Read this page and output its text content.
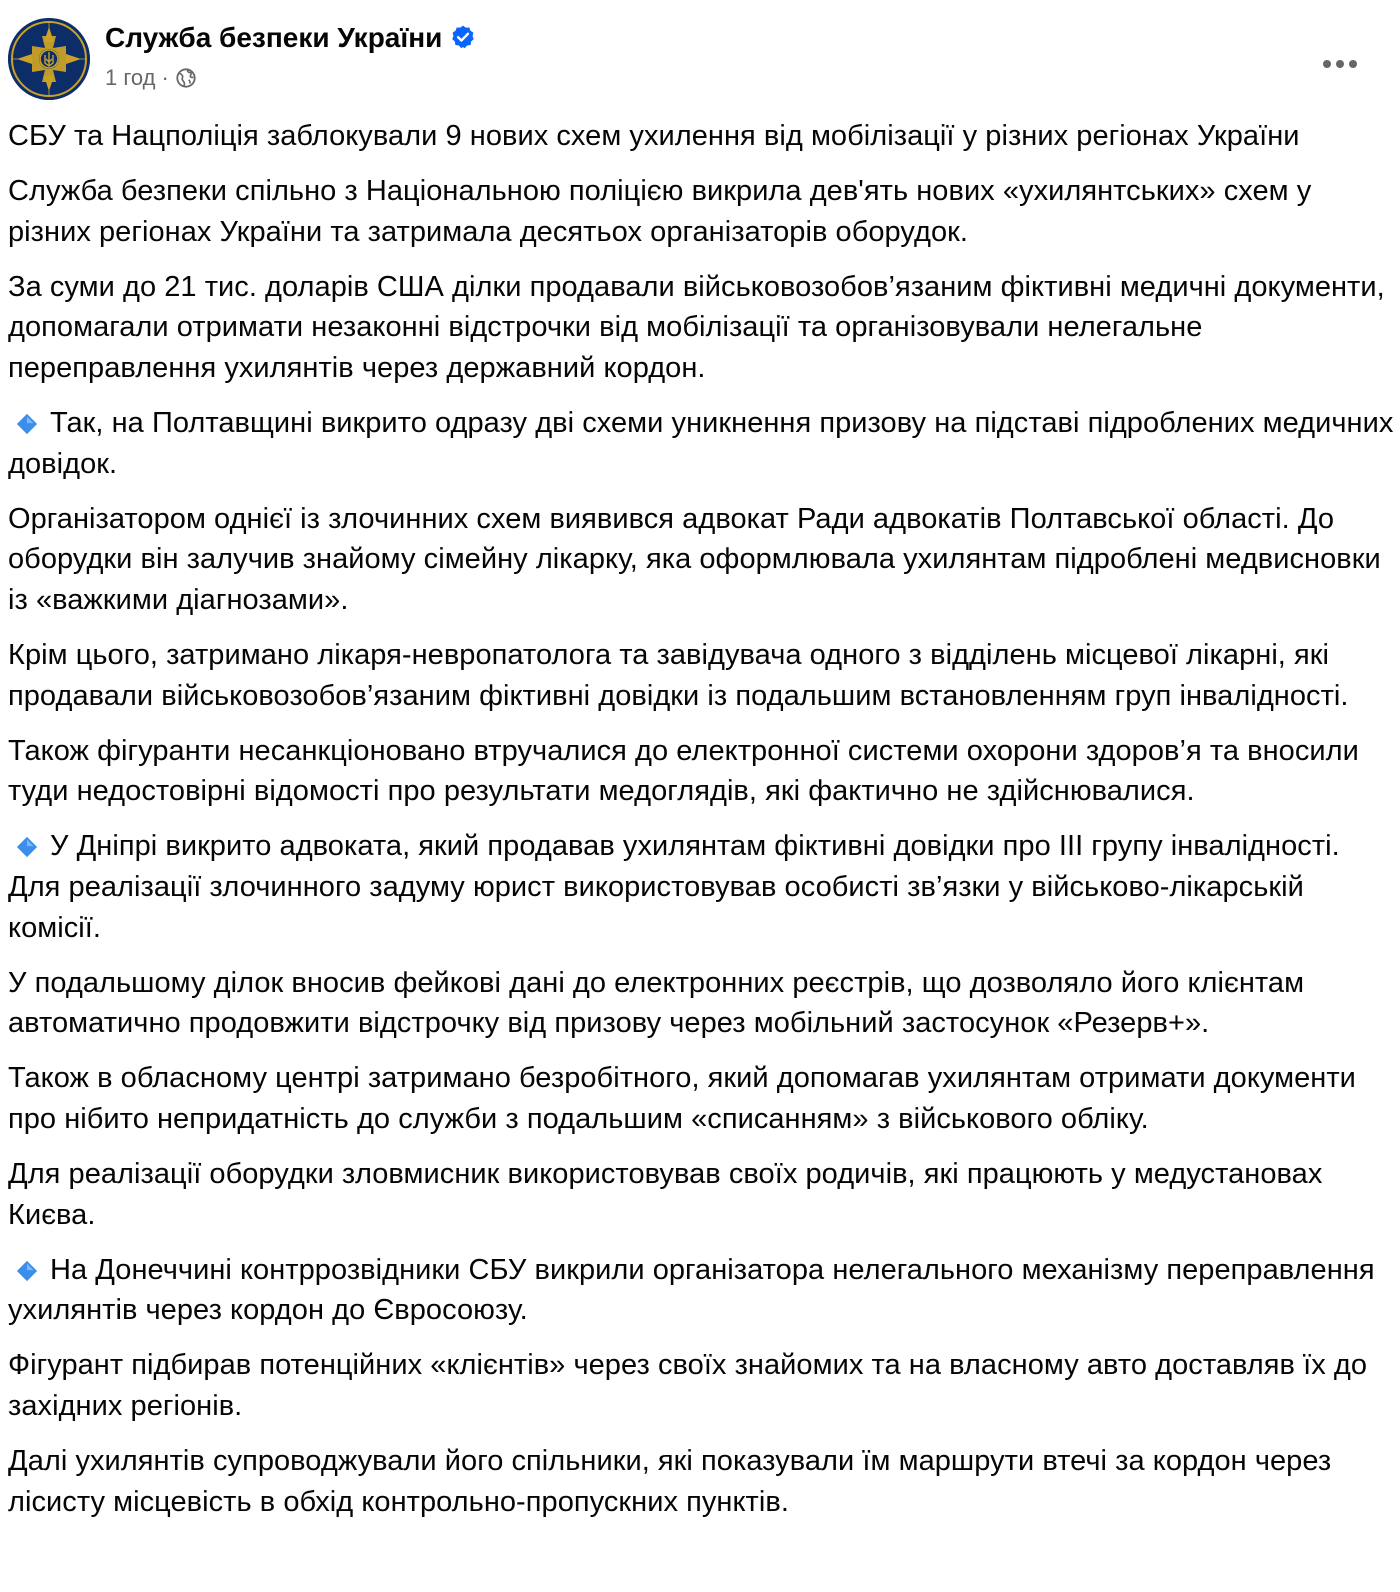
Служба безпеки України
1 год ·
СБУ та Нацполіція заблокували 9 нових схем ухилення від мобілізації у різних регіонах України
Служба безпеки спільно з Національною поліцією викрила дев'ять нових «ухилянтських» схем у різних регіонах України та затримала десятьох організаторів оборудок.
За суми до 21 тис. доларів США ділки продавали військовозобов’язаним фіктивні медичні документи, допомагали отримати незаконні відстрочки від мобілізації та організовували нелегальне переправлення ухилянтів через державний кордон.
Так, на Полтавщині викрито одразу дві схеми уникнення призову на підставі підроблених медичних довідок.
Організатором однієї із злочинних схем виявився адвокат Ради адвокатів Полтавської області. До оборудки він залучив знайому сімейну лікарку, яка оформлювала ухилянтам підроблені медвисновки із «важкими діагнозами».
Крім цього, затримано лікаря-невропатолога та завідувача одного з відділень місцевої лікарні, які продавали військовозобов’язаним фіктивні довідки із подальшим встановленням груп інвалідності.
Також фігуранти несанкціоновано втручалися до електронної системи охорони здоров’я та вносили туди недостовірні відомості про результати медоглядів, які фактично не здійснювалися.
У Дніпрі викрито адвоката, який продавав ухилянтам фіктивні довідки про ІІІ групу інвалідності. Для реалізації злочинного задуму юрист використовував особисті зв’язки у військово-лікарській комісії.
У подальшому ділок вносив фейкові дані до електронних реєстрів, що дозволяло його клієнтам автоматично продовжити відстрочку від призову через мобільний застосунок «Резерв+».
Також в обласному центрі затримано безробітного, який допомагав ухилянтам отримати документи про нібито непридатність до служби з подальшим «списанням» з військового обліку.
Для реалізації оборудки зловмисник використовував своїх родичів, які працюють у медустановах Києва.
На Донеччині контррозвідники СБУ викрили організатора нелегального механізму переправлення ухилянтів через кордон до Євросоюзу.
Фігурант підбирав потенційних «клієнтів» через своїх знайомих та на власному авто доставляв їх до західних регіонів.
Далі ухилянтів супроводжували його спільники, які показували їм маршрути втечі за кордон через лісисту місцевість в обхід контрольно-пропускних пунктів.
